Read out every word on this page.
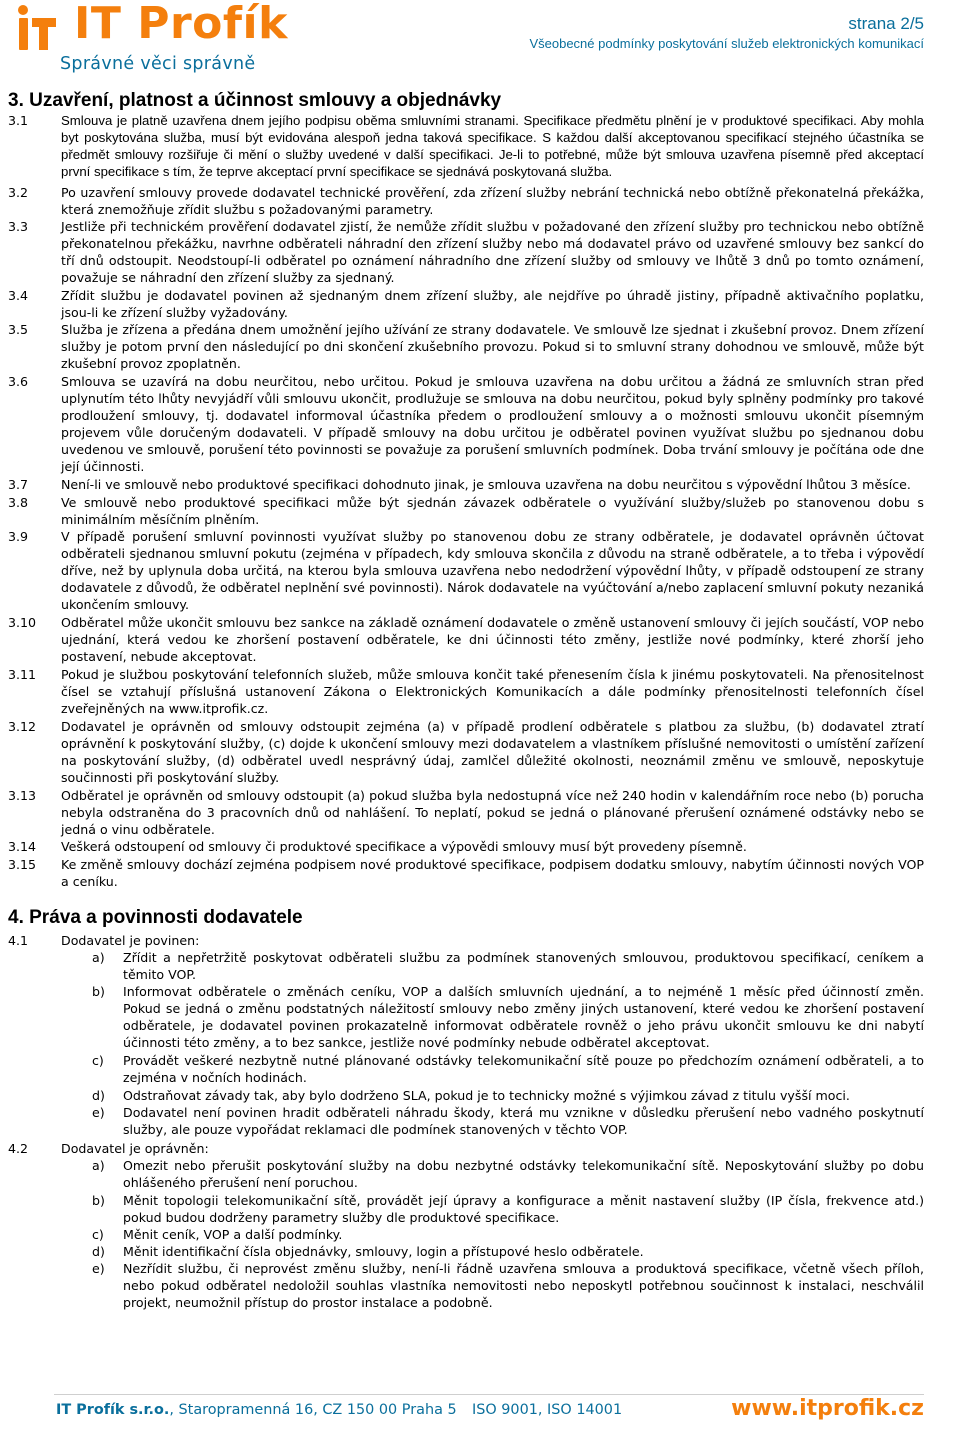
IT Profík
Správné věci správně
strana 2/5
Všeobecné podmínky poskytování služeb elektronických komunikací
3. Uzavření, platnost a účinnost smlouvy a objednávky
3.1 Smlouva je platně uzavřena dnem jejího podpisu oběma smluvními stranami. Specifikace předmětu plnění je v produktové specifikaci. Aby mohla byt poskytována služba, musí být evidována alespoň jedna taková specifikace. S každou další akceptovanou specifikací stejného účastníka se předmět smlouvy rozšiřuje či mění o služby uvedené v další specifikaci. Je-li to potřebné, může být smlouva uzavřena písemně před akceptací první specifikace s tím, že teprve akceptací první specifikace se sjednává poskytovaná služba.
3.2	Po uzavření smlouvy provede dodavatel technické prověření, zda zřízení služby nebrání technická nebo obtížně překonatelná překážka, která znemožňuje zřídit službu s požadovanými parametry.
3.3	Jestliže při technickém prověření dodavatel zjistí, že nemůže zřídit službu v požadované den zřízení služby pro technickou nebo obtížně překonatelnou překážku, navrhne odběrateli náhradní den zřízení služby nebo má dodavatel právo od uzavřené smlouvy bez sankcí do tří dnů odstoupit. Neodstoupí-li odběratel po oznámení náhradního dne zřízení služby od smlouvy ve lhůtě 3 dnů po tomto oznámení, považuje se náhradní den zřízení služby za sjednaný.
3.4	Zřídit službu je dodavatel povinen až sjednaným dnem zřízení služby, ale nejdříve po úhradě jistiny, případně aktivačního poplatku, jsou-li ke zřízení služby vyžadovány.
3.5	Služba je zřízena a předána dnem umožnění jejího užívání ze strany dodavatele. Ve smlouvě lze sjednat i zkušební provoz. Dnem zřízení služby je potom první den následující po dni skončení zkušebního provozu. Pokud si to smluvní strany dohodnou ve smlouvě, může být zkušební provoz zpoplatněn.
3.6	Smlouva se uzavírá na dobu neurčitou, nebo určitou. Pokud je smlouva uzavřena na dobu určitou a žádná ze smluvních stran před uplynutím této lhůty nevyjádří vůli smlouvu ukončit, prodlužuje se smlouva na dobu neurčitou, pokud byly splněny podmínky pro takové prodloužení smlouvy, tj. dodavatel informoval účastníka předem o prodloužení smlouvy a o možnosti smlouvu ukončit písemným projevem vůle doručeným dodavateli. V případě smlouvy na dobu určitou je odběratel povinen využívat službu po sjednanou dobu uvedenou ve smlouvě, porušení této povinnosti se považuje za porušení smluvních podmínek. Doba trvání smlouvy je počítána ode dne její účinnosti.
3.7	Není-li ve smlouvě nebo produktové specifikaci dohodnuto jinak, je smlouva uzavřena na dobu neurčitou s výpovědní lhůtou 3 měsíce.
3.8	Ve smlouvě nebo produktové specifikaci může být sjednán závazek odběratele o využívání služby/služeb po stanovenou dobu s minimálním měsíčním plněním.
3.9	V případě porušení smluvní povinnosti využívat služby po stanovenou dobu ze strany odběratele, je dodavatel oprávněn účtovat odběrateli sjednanou smluvní pokutu (zejména v případech, kdy smlouva skončila z důvodu na straně odběratele, a to třeba i výpovědí dříve, než by uplynula doba určitá, na kterou byla smlouva uzavřena nebo nedodržení výpovědní lhůty, v případě odstoupení ze strany dodavatele z důvodů, že odběratel neplnění své povinnosti). Nárok dodavatele na vyúčtování a/nebo zaplacení smluvní pokuty nezaniká ukončením smlouvy.
3.10 Odběratel může ukončit smlouvu bez sankce na základě oznámení dodavatele o změně ustanovení smlouvy či jejích součástí, VOP nebo ujednání, která vedou ke zhoršení postavení odběratele, ke dni účinnosti této změny, jestliže nové podmínky, které zhorší jeho postavení, nebude akceptovat.
3.11 Pokud je službou poskytování telefonních služeb, může smlouva končit také přenesením čísla k jinému poskytovateli. Na přenositelnost čísel se vztahují příslušná ustanovení Zákona o Elektronických Komunikacích a dále podmínky přenositelnosti telefonních čísel zveřejněných na www.itprofik.cz.
3.12 Dodavatel je oprávněn od smlouvy odstoupit zejména (a) v případě prodlení odběratele s platbou za službu, (b) dodavatel ztratí oprávnění k poskytování služby, (c) dojde k ukončení smlouvy mezi dodavatelem a vlastníkem příslušné nemovitosti o umístění zařízení na poskytování služby, (d) odběratel uvedl nesprávný údaj, zamlčel důležité okolnosti, neoznámil změnu ve smlouvě, neposkytuje součinnosti při poskytování služby.
3.13 Odběratel je oprávněn od smlouvy odstoupit (a) pokud služba byla nedostupná více než 240 hodin v kalendářním roce nebo (b) porucha nebyla odstraněna do 3 pracovních dnů od nahlášení. To neplatí, pokud se jedná o plánované přerušení oznámené odstávky nebo se jedná o vinu odběratele.
3.14 Veškerá odstoupení od smlouvy či produktové specifikace a výpovědi smlouvy musí být provedeny písemně.
3.15 Ke změně smlouvy dochází zejména podpisem nové produktové specifikace, podpisem dodatku smlouvy, nabytím účinnosti nových VOP a ceníku.
4. Práva a povinnosti dodavatele
4.1	Dodavatel je povinen:
a) Zřídit a nepřetržitě poskytovat odběrateli službu za podmínek stanovených smlouvou, produktovou specifikací, ceníkem a těmito VOP.
b) Informovat odběratele o změnách ceníku, VOP a dalších smluvních ujednání, a to nejméně 1 měsíc před účinností změn. Pokud se jedná o změnu podstatných náležitostí smlouvy nebo změny jiných ustanovení, které vedou ke zhoršení postavení odběratele, je dodavatel povinen prokazatelně informovat odběratele rovněž o jeho právu ukončit smlouvu ke dni nabytí účinnosti této změny, a to bez sankce, jestliže nové podmínky nebude odběratel akceptovat.
c) Provádět veškeré nezbytně nutné plánované odstávky telekomunikační sítě pouze po předchozím oznámení odběrateli, a to zejména v nočních hodinách.
d) Odstraňovat závady tak, aby bylo dodrženo SLA, pokud je to technicky možné s výjimkou závad z titulu vyšší moci.
e) Dodavatel není povinen hradit odběrateli náhradu škody, která mu vznikne v důsledku přerušení nebo vadného poskytnutí služby, ale pouze vypořádat reklamaci dle podmínek stanovených v těchto VOP.
4.2	Dodavatel je oprávněn:
a) Omezit nebo přerušit poskytování služby na dobu nezbytné odstávky telekomunikační sítě. Neposkytování služby po dobu ohlášeného přerušení není poruchou.
b) Měnit topologii telekomunikační sítě, provádět její úpravy a konfigurace a měnit nastavení služby (IP čísla, frekvence atd.) pokud budou dodrženy parametry služby dle produktové specifikace.
c) Měnit ceník, VOP a další podmínky.
d) Měnit identifikační čísla objednávky, smlouvy, login a přístupové heslo odběratele.
e) Nezřídit službu, či neprovést změnu služby, není-li řádně uzavřena smlouva a produktová specifikace, včetně všech příloh, nebo pokud odběratel nedoložil souhlas vlastníka nemovitosti nebo neposkytl potřebnou součinnost k instalaci, neschválil projekt, neumožnil přístup do prostor instalace a podobně.
IT Profík s.r.o., Staropramenná 16, CZ 150 00 Praha 5 ISO 9001, ISO 14001	www.itprofik.cz
